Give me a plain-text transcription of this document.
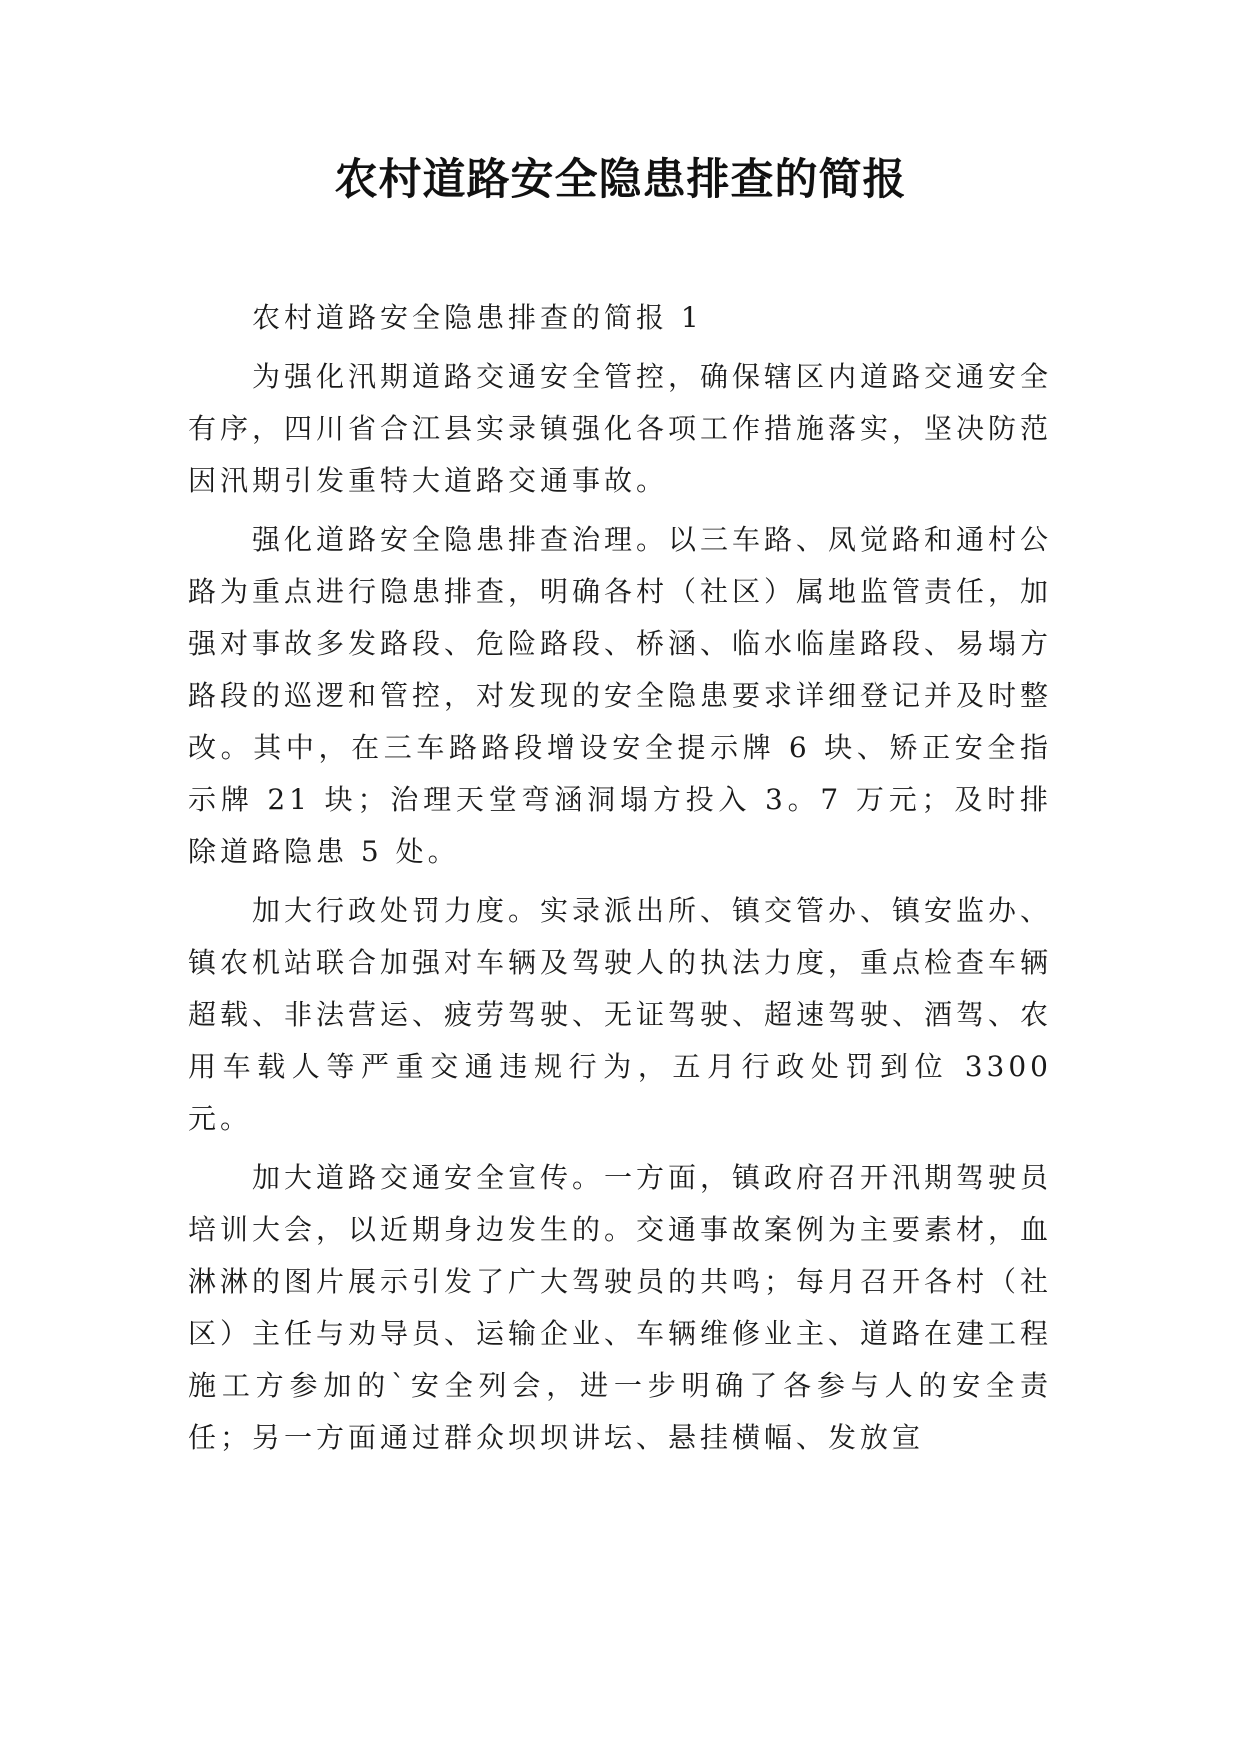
农村道路安全隐患排查的简报

农村道路安全隐患排查的简报 1

为强化汛期道路交通安全管控，确保辖区内道路交通安全有序，四川省合江县实录镇强化各项工作措施落实，坚决防范因汛期引发重特大道路交通事故。

强化道路安全隐患排查治理。以三车路、凤觉路和通村公路为重点进行隐患排查，明确各村（社区）属地监管责任，加强对事故多发路段、危险路段、桥涵、临水临崖路段、易塌方路段的巡逻和管控，对发现的安全隐患要求详细登记并及时整改。其中，在三车路路段增设安全提示牌 6 块、矫正安全指示牌 21 块；治理天堂弯涵洞塌方投入 3。7 万元；及时排除道路隐患 5 处。

加大行政处罚力度。实录派出所、镇交管办、镇安监办、镇农机站联合加强对车辆及驾驶人的执法力度，重点检查车辆超载、非法营运、疲劳驾驶、无证驾驶、超速驾驶、酒驾、农用车载人等严重交通违规行为，五月行政处罚到位 3300 元。

加大道路交通安全宣传。一方面，镇政府召开汛期驾驶员培训大会，以近期身边发生的。交通事故案例为主要素材，血淋淋的图片展示引发了广大驾驶员的共鸣；每月召开各村（社区）主任与劝导员、运输企业、车辆维修业主、道路在建工程施工方参加的`安全列会，进一步明确了各参与人的安全责任；另一方面通过群众坝坝讲坛、悬挂横幅、发放宣
